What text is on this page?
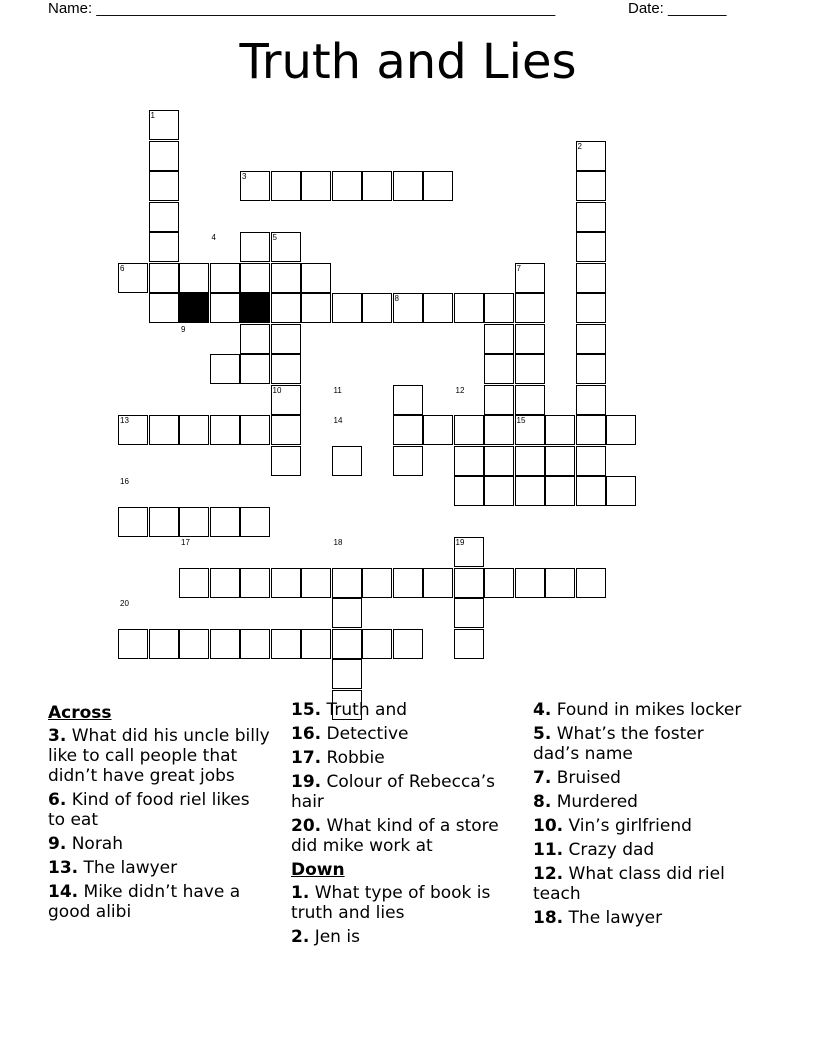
Name: _______________________________________________________	Date: _______
Truth and Lies
1
2
3
4	5
6	7
8
9
10	11	12
13	14	15
16
17	18	19
20
Across
3. What did his uncle billy like to call people that didn’t have great jobs
6. Kind of food riel likes to eat
9. Norah
13. The lawyer
14. Mike didn’t have a good alibi
15. Truth and
16. Detective
17. Robbie
19. Colour of Rebecca’s hair
20. What kind of a store did mike work at
Down
1. What type of book is truth and lies
2. Jen is
4. Found in mikes locker
5. What’s the foster dad’s name
7. Bruised
8. Murdered
10. Vin’s girlfriend
11. Crazy dad
12. What class did riel teach
18. The lawyer
